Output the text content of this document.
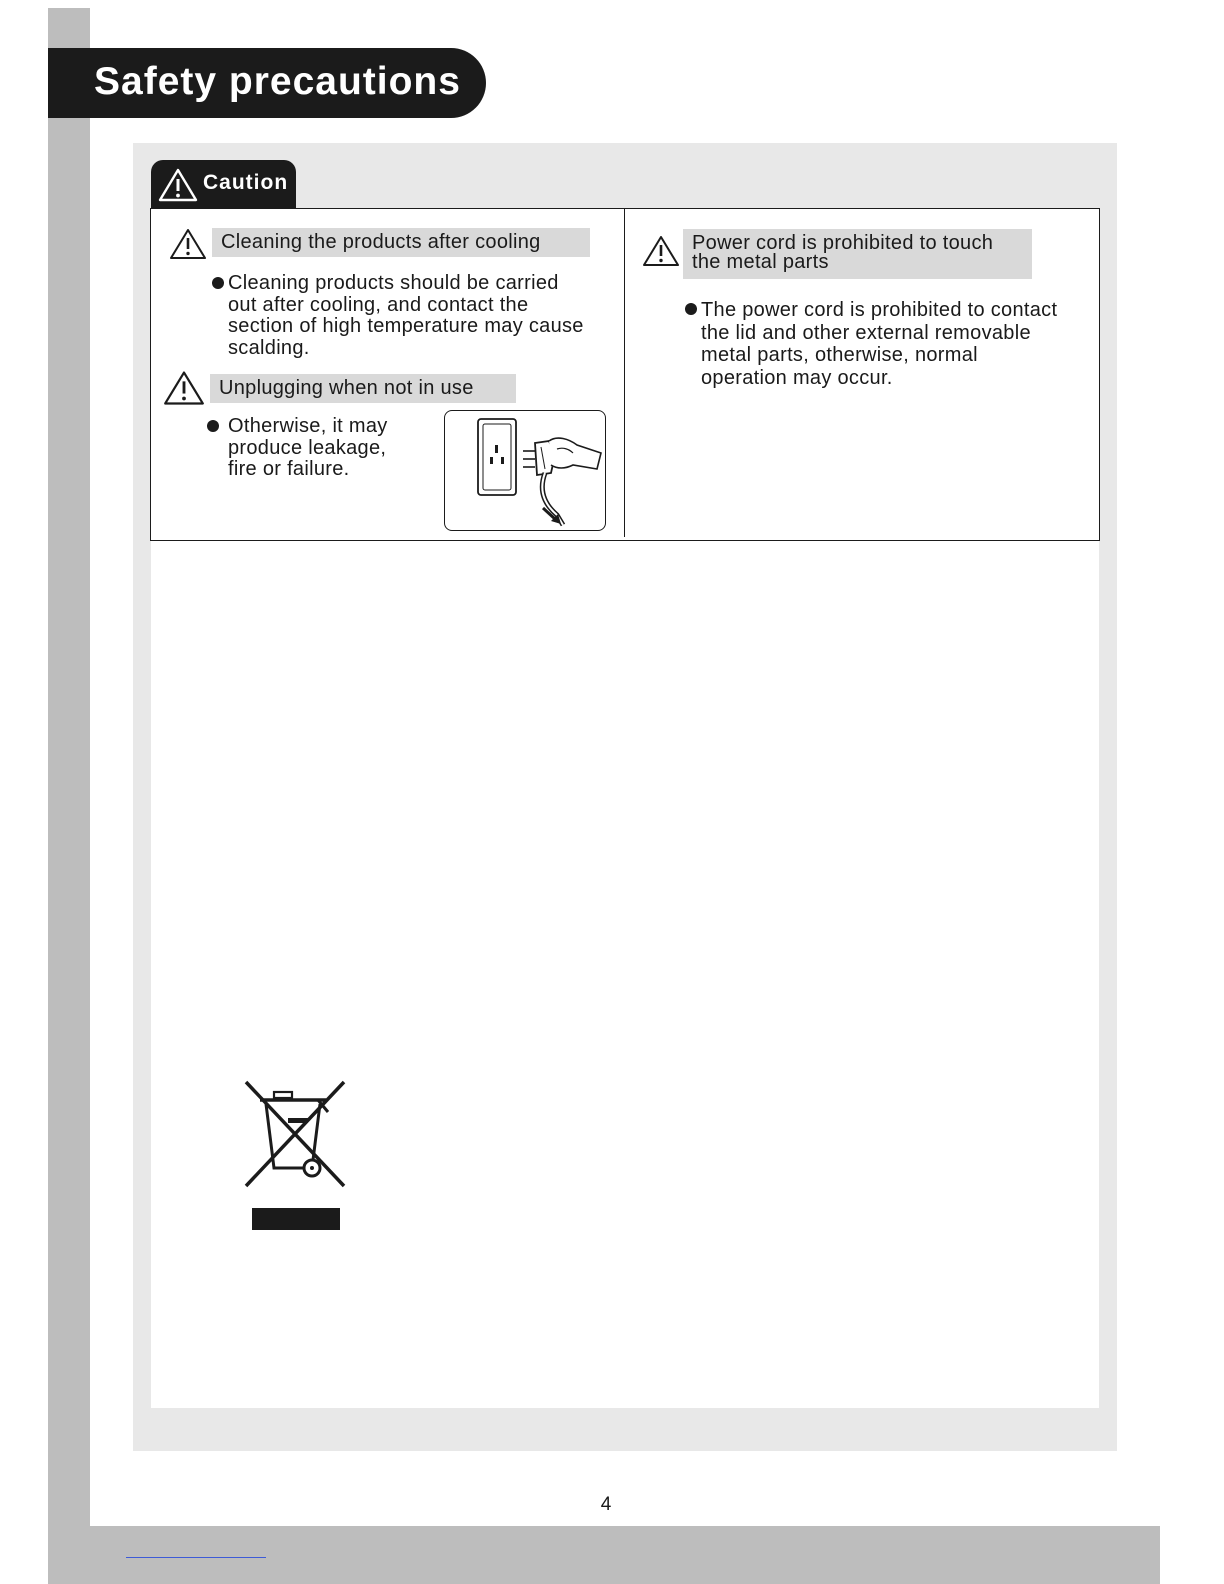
Safety precautions
Caution
Cleaning the products after cooling
Cleaning products should be carried
out after cooling, and contact the
section of high temperature may cause
scalding.
Unplugging when not in use
Otherwise, it may
produce leakage,
fire or failure.
Power cord is prohibited to touch
the metal parts
The power cord is prohibited to contact
the lid and other external removable
metal parts, otherwise, normal
operation may occur.
4
